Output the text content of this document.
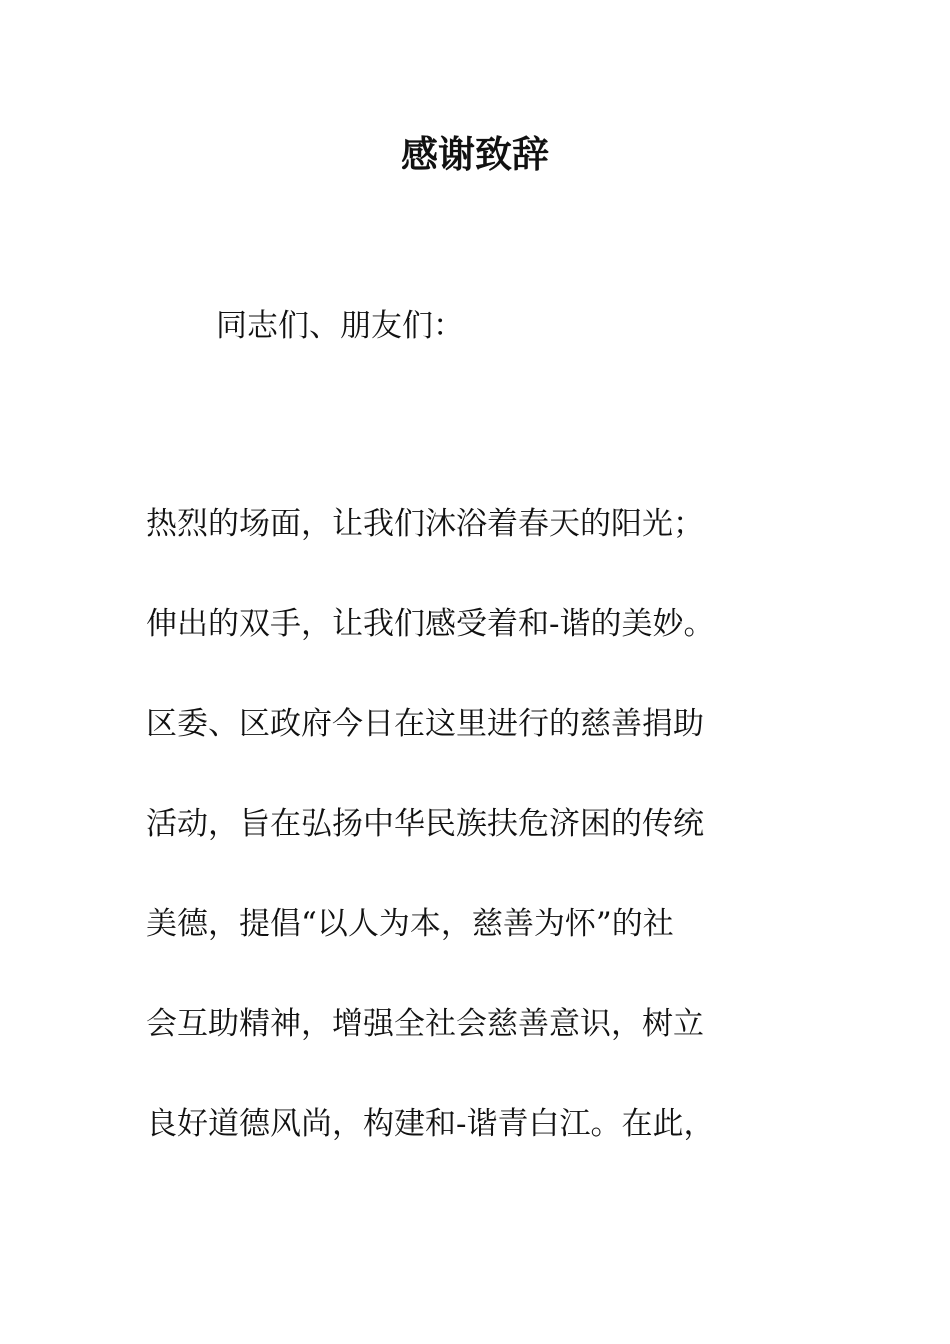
感谢致辞

同志们、朋友们：

热烈的场面，让我们沐浴着春天的阳光；
伸出的双手，让我们感受着和-谐的美妙。
区委、区政府今日在这里进行的慈善捐助
活动，旨在弘扬中华民族扶危济困的传统
美德，提倡“以人为本，慈善为怀”的社
会互助精神，增强全社会慈善意识，树立
良好道德风尚，构建和-谐青白江。在此，
